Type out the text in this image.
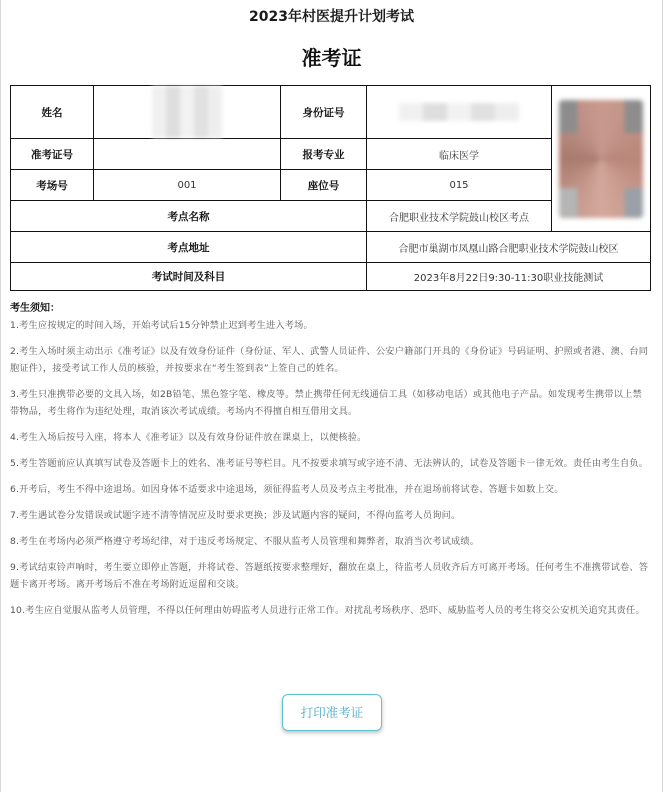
2023年村医提升计划考试
准考证
姓名		身份证号		

准考证号		报考专业	临床医学	
考场号	001	座位号	015	
考点名称			合肥职业技术学院鼓山校区考点	
考点地址			合肥市巢湖市凤凰山路合肥职业技术学院鼓山校区	
考试时间及科目			2023年8月22日9:30-11:30职业技能测试	
考生须知：

1.考生应按规定的时间入场，开始考试后15分钟禁止迟到考生进入考场。

2.考生入场时须主动出示《准考证》以及有效身份证件（身份证、军人、武警人员证件、公安户籍部门开具的《身份证》号码证明、护照或者港、澳、台同胞证件），接受考试工作人员的核验，并按要求在“考生签到表”上签自己的姓名。

3.考生只准携带必要的文具入场，如2B铅笔、黑色签字笔、橡皮等。禁止携带任何无线通信工具（如移动电话）或其他电子产品。如发现考生携带以上禁带物品，考生将作为违纪处理，取消该次考试成绩。考场内不得擅自相互借用文具。

4.考生入场后按号入座，将本人《准考证》以及有效身份证件放在课桌上，以便核验。

5.考生答题前应认真填写试卷及答题卡上的姓名、准考证号等栏目。凡不按要求填写或字迹不清、无法辨认的，试卷及答题卡一律无效。责任由考生自负。

6.开考后，考生不得中途退场。如因身体不适要求中途退场，须征得监考人员及考点主考批准，并在退场前将试卷、答题卡如数上交。

7.考生遇试卷分发错误或试题字迹不清等情况应及时要求更换；涉及试题内容的疑问，不得向监考人员询问。

8.考生在考场内必须严格遵守考场纪律，对于违反考场规定、不服从监考人员管理和舞弊者，取消当次考试成绩。

9.考试结束铃声响时，考生要立即停止答题，并将试卷、答题纸按要求整理好，翻放在桌上，待监考人员收齐后方可离开考场。任何考生不准携带试卷、答题卡离开考场。离开考场后不准在考场附近逗留和交谈。

10.考生应自觉服从监考人员管理，不得以任何理由妨碍监考人员进行正常工作。对扰乱考场秩序、恐吓、威胁监考人员的考生将交公安机关追究其责任。

打印准考证
